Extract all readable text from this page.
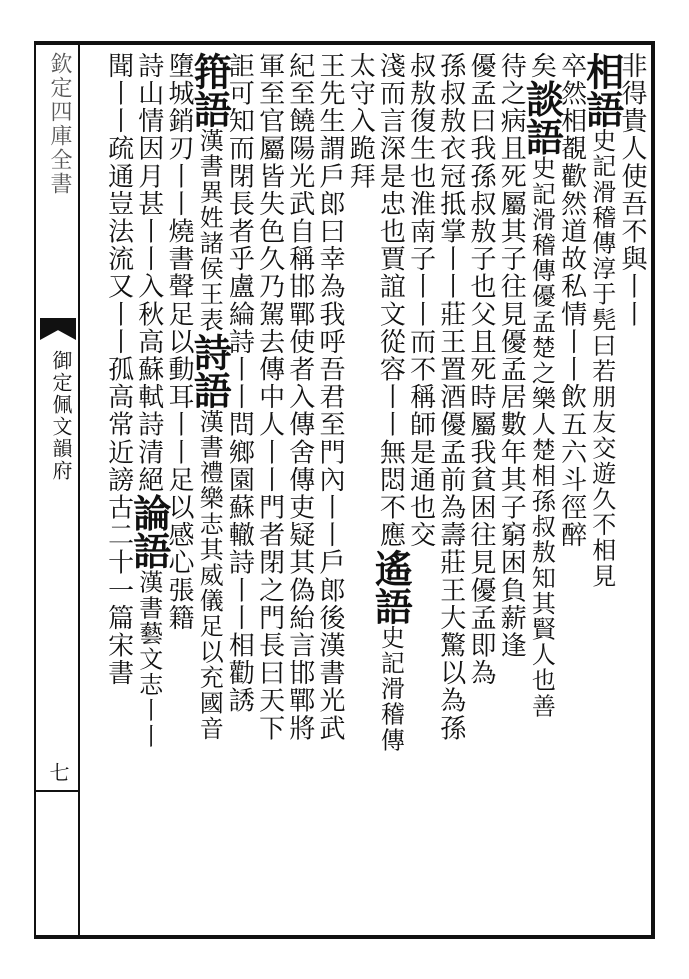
欽定四庫全書
御定佩文韻府
七
非得貴人使吾不與丨丨
相語史記滑稽傳淳于髡曰若朋友交遊久不相見
卒然相覩歡然道故私情丨丨飲五六斗徑醉
矣談語史記滑稽傳優孟楚之樂人楚相孫叔敖知其賢人也善
待之病且死屬其子往見優孟居數年其子窮困負薪逢
優孟曰我孫叔敖子也父且死時屬我貧困往見優孟即為
孫叔敖衣冠抵掌丨丨莊王置酒優孟前為壽莊王大驚以為孫
叔敖復生也淮南子丨丨而不稱師是通也交
淺而言深是忠也賈誼文從容丨丨無悶不應遙語史記滑稽傳
太守入跪拜
王先生謂戶郎曰幸為我呼吾君至門內丨丨戶郎後漢書光武
紀至饒陽光武自稱邯鄲使者入傳舍傳吏疑其偽紿言邯鄲將
軍至官屬皆失色久乃駕去傳中人丨丨門者閉之門長曰天下
詎可知而閉長者乎盧綸詩丨丨問鄉園蘇轍詩丨丨相勸誘
箝語漢書異姓諸侯王表詩語漢書禮樂志其威儀足以充國音
墮城銷刃丨丨燒書聲足以動耳丨丨足以感心張籍
詩山情因月甚丨丨入秋高蘇軾詩清絕論語漢書藝文志丨丨
聞丨丨疏通豈法流又丨丨孤高常近謗古二十一篇宋書
